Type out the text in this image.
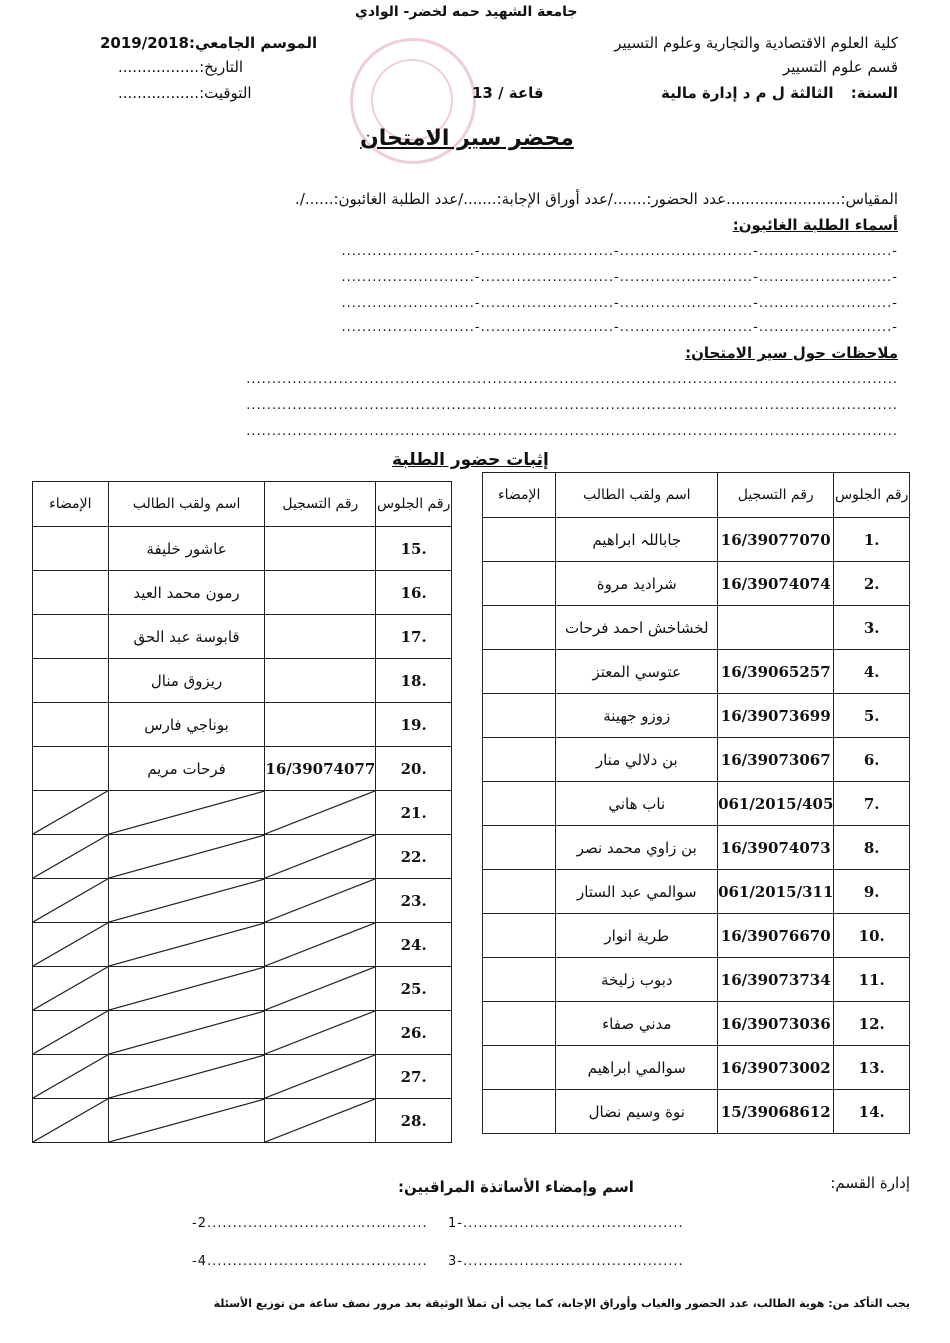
جامعة الشهيد حمه لخضر- الوادي
كلية العلوم الاقتصادية والتجارية وعلوم التسيير
قسم علوم التسيير
السنة: الثالثة ل م د إدارة مالية
قاعة / 13
الموسم الجامعي:2019/2018
التاريخ:.................
التوقيت:.................
محضر سير الامتحان
المقياس:........................عدد الحضور:......./عدد أوراق الإجابة:......./عدد الطلبة الغائبون:....../.
أسماء الطلبة الغائبون:
-..........................-..........................-..........................-..........................
-..........................-..........................-..........................-..........................
-..........................-..........................-..........................-..........................
-..........................-..........................-..........................-..........................
ملاحظات حول سير الامتحان:
...............................................................................................................................
...............................................................................................................................
...............................................................................................................................
إثبات حضور الطلبة
الإمضاء	اسم ولقب الطالب	رقم التسجيل	رقم الجلوس
	جاباللہ ابراهيم	16/39077070	1.
	شراديد مروة	16/39074074	2.
	لخشاخش احمد فرحات		3.
	عتوسي المعتز	16/39065257	4.
	زوزو جهينة	16/39073699	5.
	بن دلالي منار	16/39073067	6.
	ناب هاني	061/2015/405	7.
	بن زاوي محمد نصر	16/39074073	8.
	سوالمي عبد الستار	061/2015/311	9.
	طرية انوار	16/39076670	10.
	دبوب زليخة	16/39073734	11.
	مدني صفاء	16/39073036	12.
	سوالمي ابراهيم	16/39073002	13.
	نوة وسيم نضال	15/39068612	14.
الإمضاء	اسم ولقب الطالب	رقم التسجيل	رقم الجلوس
	عاشور خليفة		15.
	رمون محمد العيد		16.
	قابوسة عبد الحق		17.
	ريزوق منال		18.
	بوناجي فارس		19.
	فرحات مريم	16/39074077	20.

	21.

	22.

	23.

	24.

	25.

	26.

	27.

	28.
إدارة القسم:
اسم وإمضاء الأساتذة المراقبين:
1-...........................................
-2...........................................
3-...........................................
-4...........................................
يجب التأكد من: هوية الطالب، عدد الحضور والغياب وأوراق الإجابة، كما يجب أن تملأ الوثيقة بعد مرور نصف ساعة من توزيع الأسئلة
